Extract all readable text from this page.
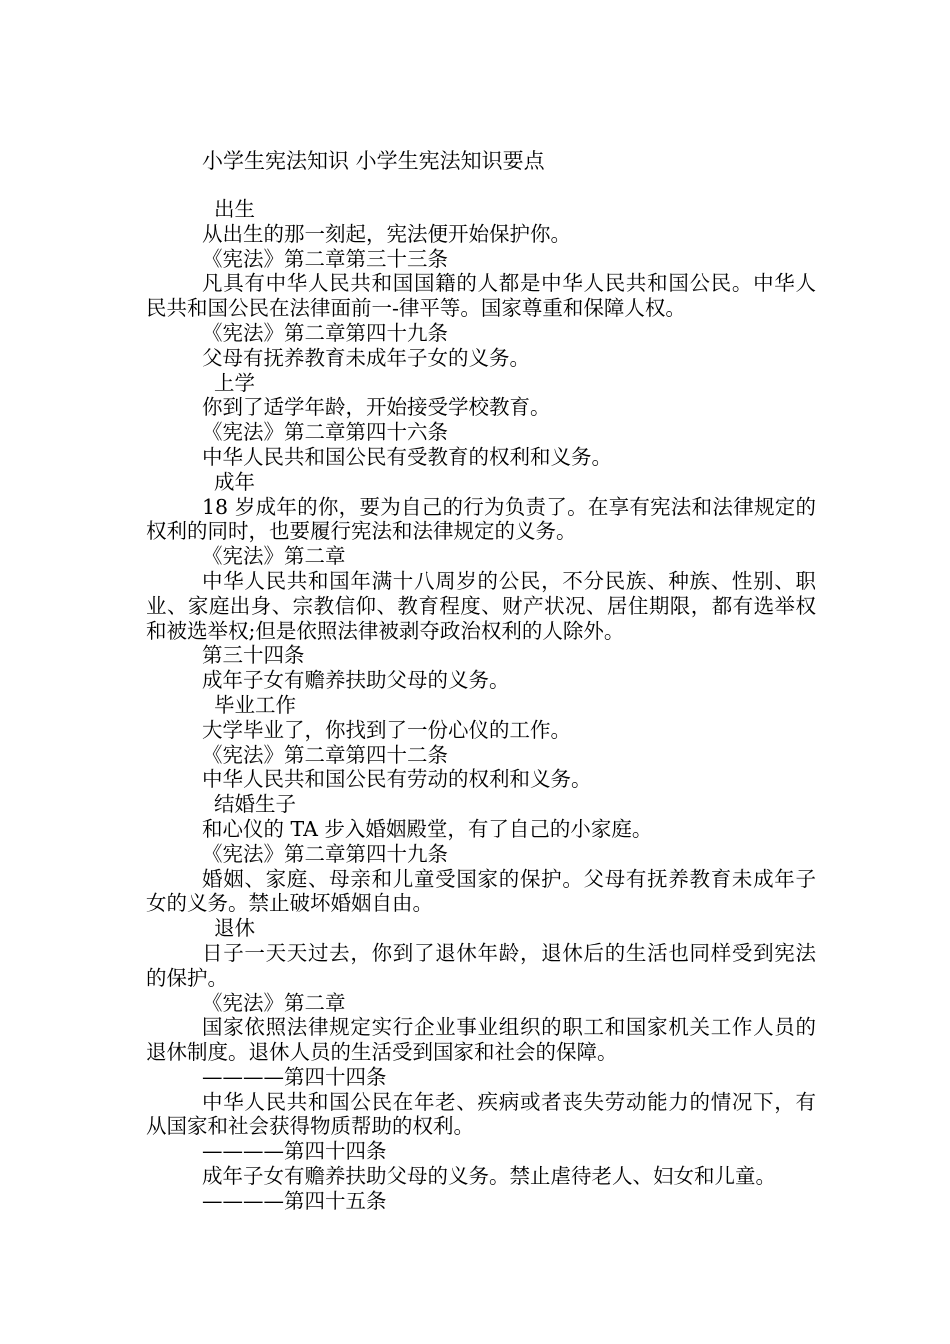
小学生宪法知识 小学生宪法知识要点

出生

从出生的那一刻起，宪法便开始保护你。

《宪法》第二章第三十三条

凡具有中华人民共和国国籍的人都是中华人民共和国公民。中华人民共和国公民在法律面前一-律平等。国家尊重和保障人权。

《宪法》第二章第四十九条

父母有抚养教育未成年子女的义务。

上学

你到了适学年龄，开始接受学校教育。

《宪法》第二章第四十六条

中华人民共和国公民有受教育的权利和义务。

成年

18 岁成年的你，要为自己的行为负责了。在享有宪法和法律规定的权利的同时，也要履行宪法和法律规定的义务。

《宪法》第二章

中华人民共和国年满十八周岁的公民，不分民族、种族、性别、职业、家庭出身、宗教信仰、教育程度、财产状况、居住期限，都有选举权和被选举权;但是依照法律被剥夺政治权利的人除外。

第三十四条

成年子女有赡养扶助父母的义务。

毕业工作

大学毕业了，你找到了一份心仪的工作。

《宪法》第二章第四十二条

中华人民共和国公民有劳动的权利和义务。

结婚生子

和心仪的 TA 步入婚姻殿堂，有了自己的小家庭。

《宪法》第二章第四十九条

婚姻、家庭、母亲和儿童受国家的保护。父母有抚养教育未成年子女的义务。禁止破坏婚姻自由。

退休

日子一天天过去，你到了退休年龄，退休后的生活也同样受到宪法的保护。

《宪法》第二章

国家依照法律规定实行企业事业组织的职工和国家机关工作人员的退休制度。退休人员的生活受到国家和社会的保障。

————第四十四条

中华人民共和国公民在年老、疾病或者丧失劳动能力的情况下，有从国家和社会获得物质帮助的权利。

————第四十四条

成年子女有赡养扶助父母的义务。禁止虐待老人、妇女和儿童。

————第四十五条
